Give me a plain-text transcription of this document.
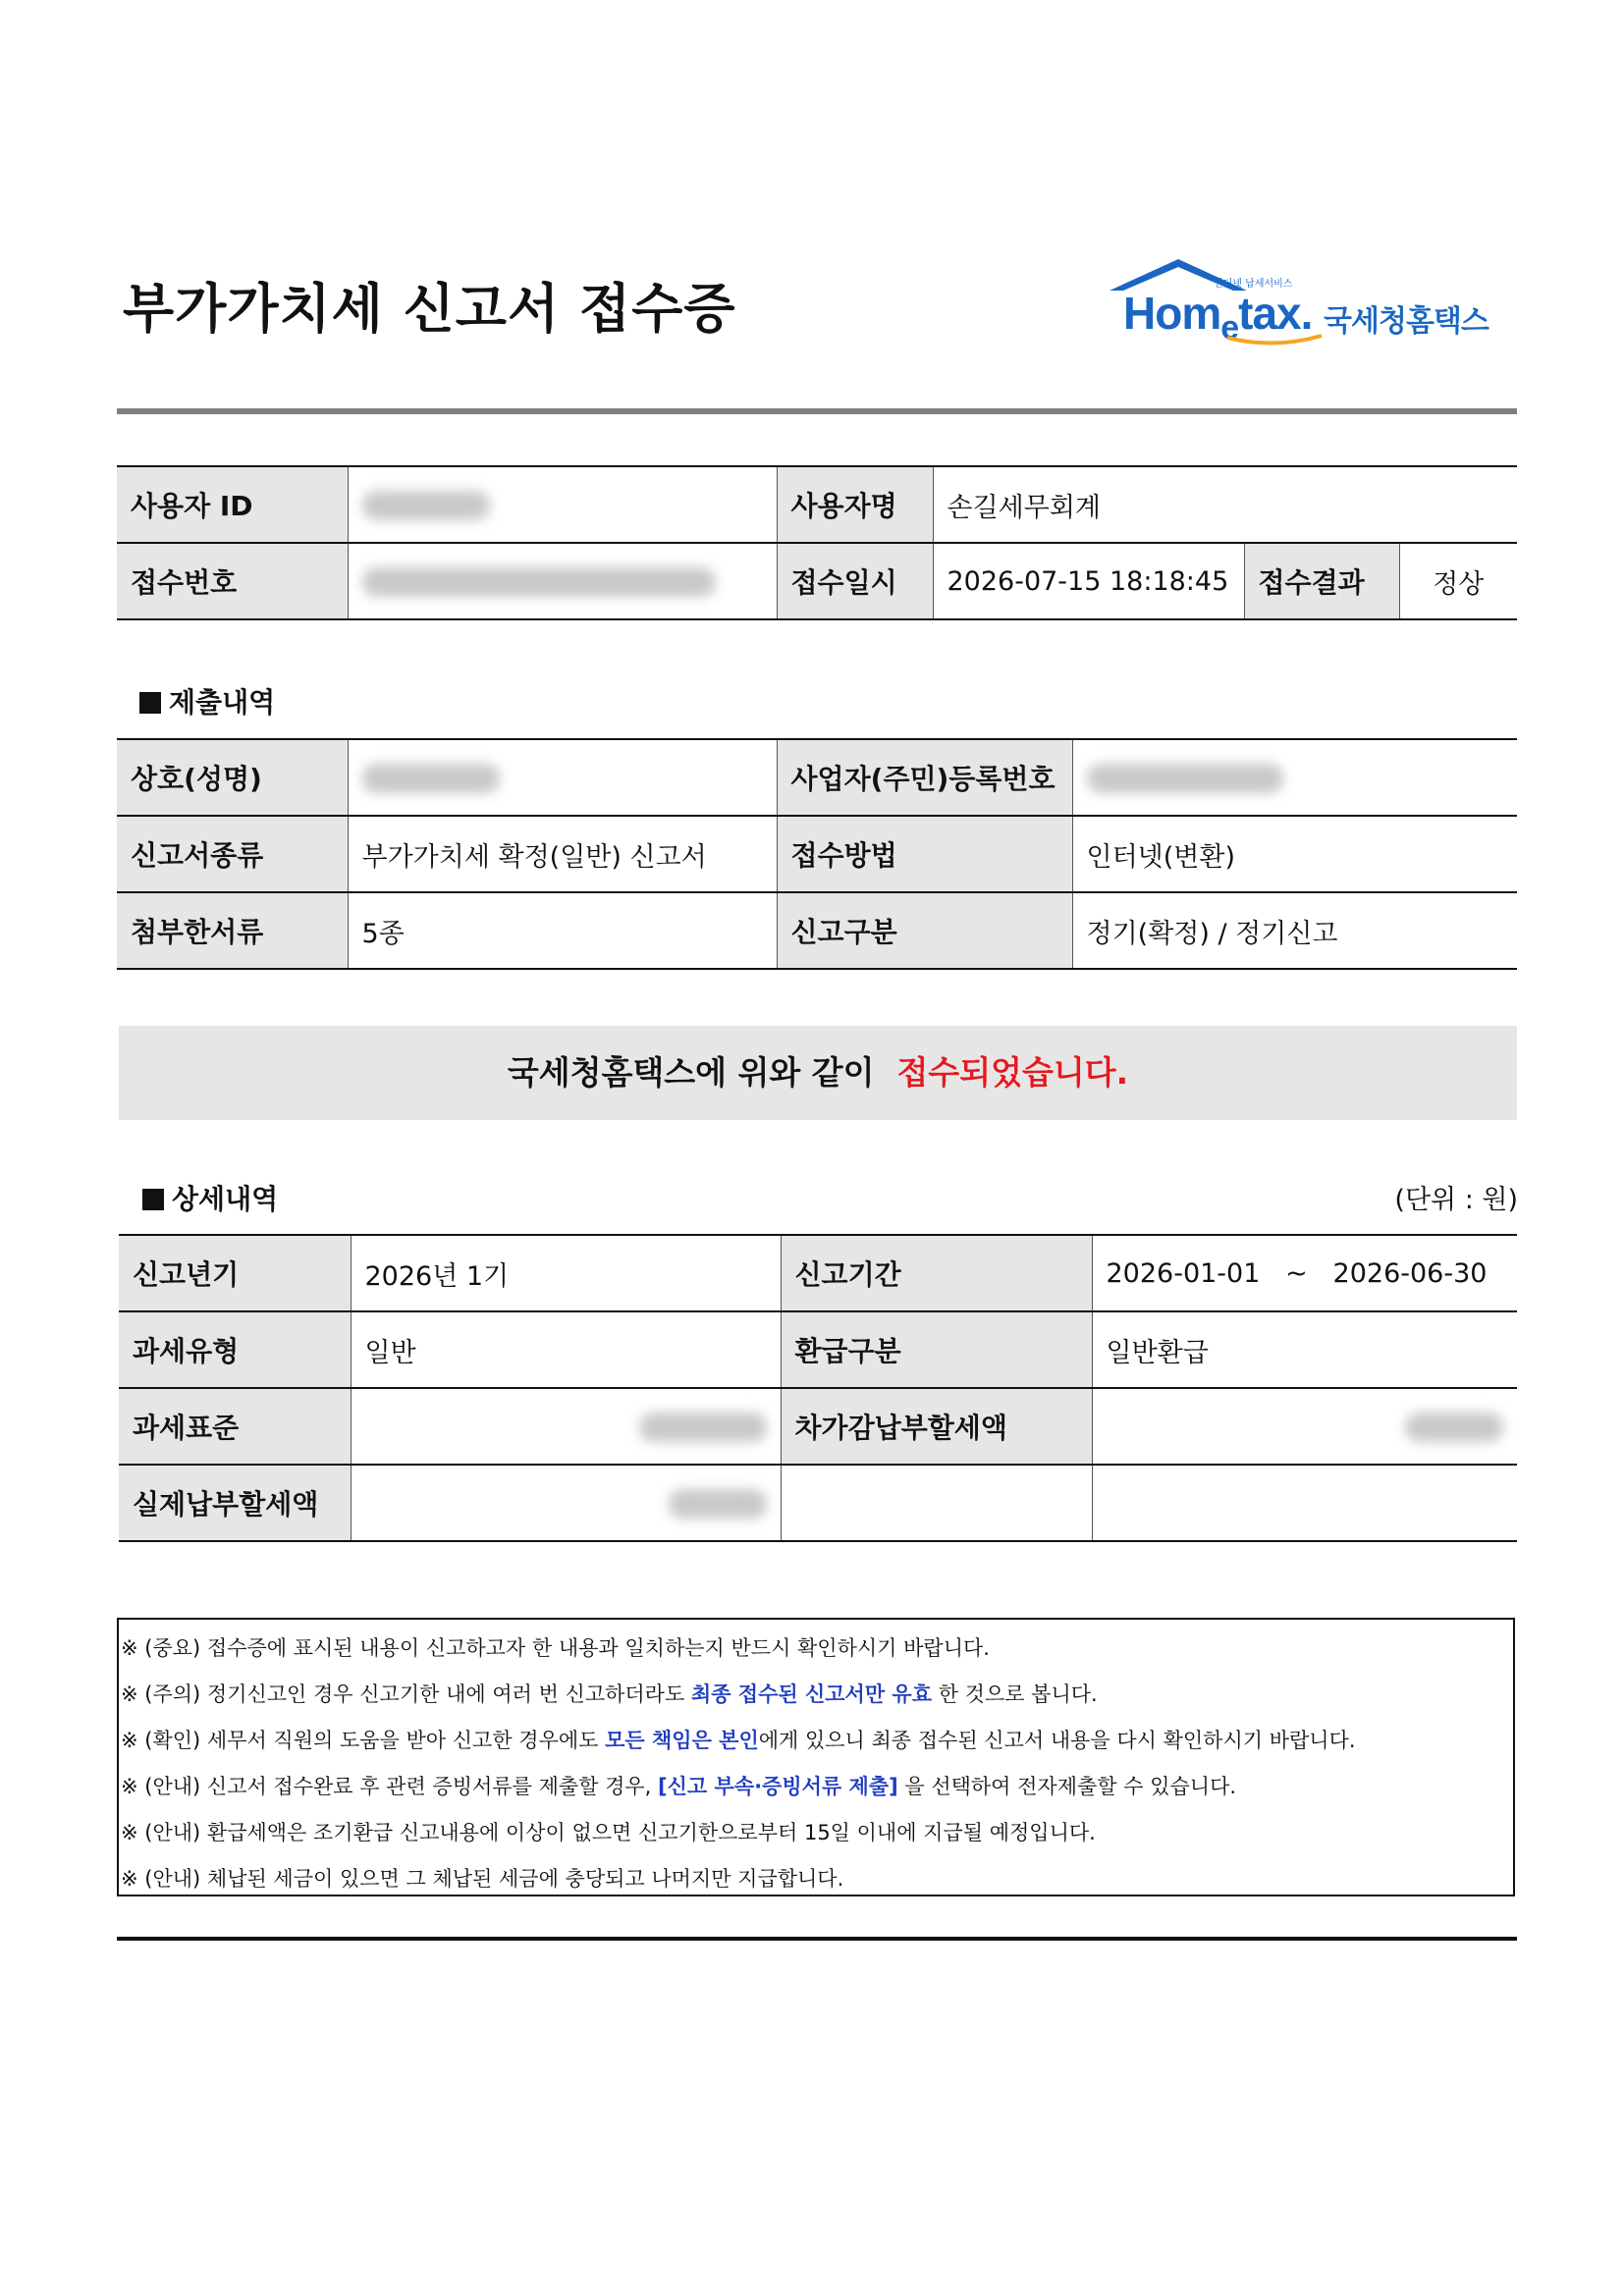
부가가치세 신고서 접수증	인터넷 납세서비스
Hom$_e$tax. 국세청홈택스
사용자 ID		사용자명	손길세무회계		
접수번호		접수일시	2026-07-15 18:18:45	접수결과	정상
제출내역
상호(성명)		사업자(주민)등록번호	
신고서종류	부가가치세 확정(일반) 신고서	접수방법	인터넷(변환)
첨부한서류	5종	신고구분	정기(확정) / 정기신고
국세청홈택스에 위와 같이 접수되었습니다.
상세내역	(단위 : 원)
신고년기	2026년 1기	신고기간	2026-01-01 ~ 2026-06-30
과세유형	일반	환급구분	일반환급
과세표준		차가감납부할세액	
실제납부할세액			
※ (중요) 접수증에 표시된 내용이 신고하고자 한 내용과 일치하는지 반드시 확인하시기 바랍니다.
※ (주의) 정기신고인 경우 신고기한 내에 여러 번 신고하더라도 최종 접수된 신고서만 유효 한 것으로 봅니다.
※ (확인) 세무서 직원의 도움을 받아 신고한 경우에도 모든 책임은 본인에게 있으니 최종 접수된 신고서 내용을 다시 확인하시기 바랍니다.
※ (안내) 신고서 접수완료 후 관련 증빙서류를 제출할 경우, [신고 부속·증빙서류 제출] 을 선택하여 전자제출할 수 있습니다.
※ (안내) 환급세액은 조기환급 신고내용에 이상이 없으면 신고기한으로부터 15일 이내에 지급될 예정입니다.
※ (안내) 체납된 세금이 있으면 그 체납된 세금에 충당되고 나머지만 지급합니다.
